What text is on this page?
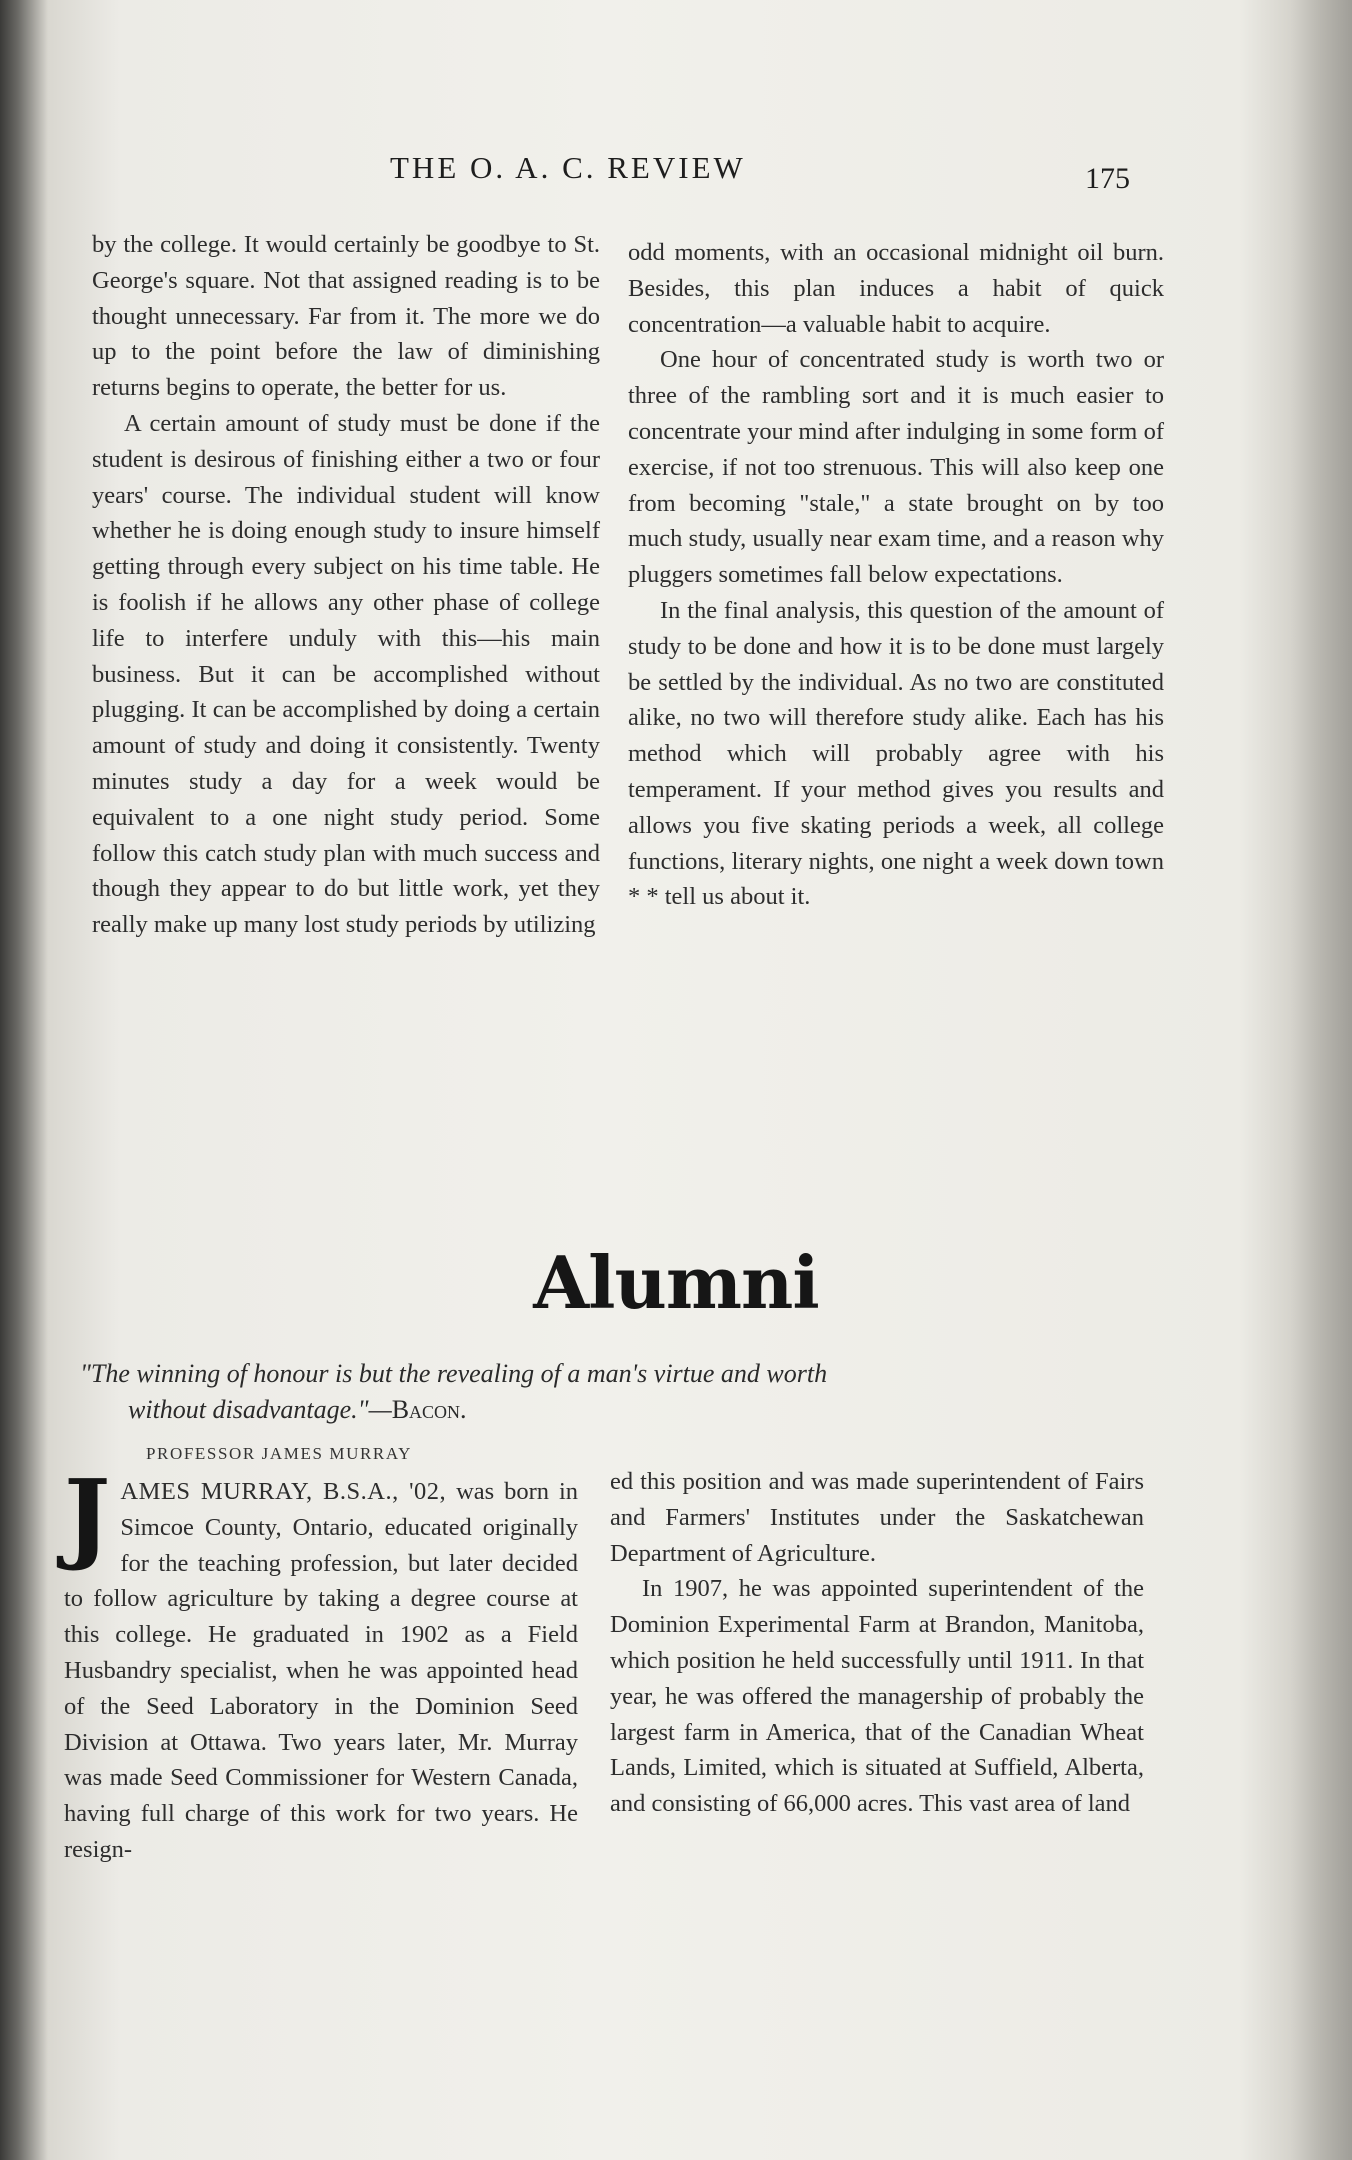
THE O. A. C. REVIEW	175

by the college. It would certainly be goodbye to St. George's square. Not that assigned reading is to be thought unnecessary. Far from it. The more we do up to the point before the law of diminishing returns begins to operate, the better for us.

A certain amount of study must be done if the student is desirous of finishing either a two or four years' course. The individual student will know whether he is doing enough study to insure himself getting through every subject on his time table. He is foolish if he allows any other phase of college life to interfere unduly with this—his main business. But it can be accomplished without plugging. It can be accomplished by doing a certain amount of study and doing it consistently. Twenty minutes study a day for a week would be equivalent to a one night study period. Some follow this catch study plan with much success and though they appear to do but little work, yet they really make up many lost study periods by utilizing

odd moments, with an occasional midnight oil burn. Besides, this plan induces a habit of quick concentration—a valuable habit to acquire.

One hour of concentrated study is worth two or three of the rambling sort and it is much easier to concentrate your mind after indulging in some form of exercise, if not too strenuous. This will also keep one from becoming "stale," a state brought on by too much study, usually near exam time, and a reason why pluggers sometimes fall below expectations.

In the final analysis, this question of the amount of study to be done and how it is to be done must largely be settled by the individual. As no two are constituted alike, no two will therefore study alike. Each has his method which will probably agree with his temperament. If your method gives you results and allows you five skating periods a week, all college functions, literary nights, one night a week down town * * tell us about it.

Alumni
"The winning of honour is but the revealing of a man's virtue and worth
without disadvantage."—Bacon.
PROFESSOR JAMES MURRAY

JAMES MURRAY, B.S.A., '02, was born in Simcoe County, Ontario, educated originally for the teaching profession, but later decided to follow agriculture by taking a degree course at this college. He graduated in 1902 as a Field Husbandry specialist, when he was appointed head of the Seed Laboratory in the Dominion Seed Division at Ottawa. Two years later, Mr. Murray was made Seed Commissioner for Western Canada, having full charge of this work for two years. He resign-

ed this position and was made superintendent of Fairs and Farmers' Institutes under the Saskatchewan Department of Agriculture.

In 1907, he was appointed superintendent of the Dominion Experimental Farm at Brandon, Manitoba, which position he held successfully until 1911. In that year, he was offered the managership of probably the largest farm in America, that of the Canadian Wheat Lands, Limited, which is situated at Suffield, Alberta, and consisting of 66,000 acres. This vast area of land
